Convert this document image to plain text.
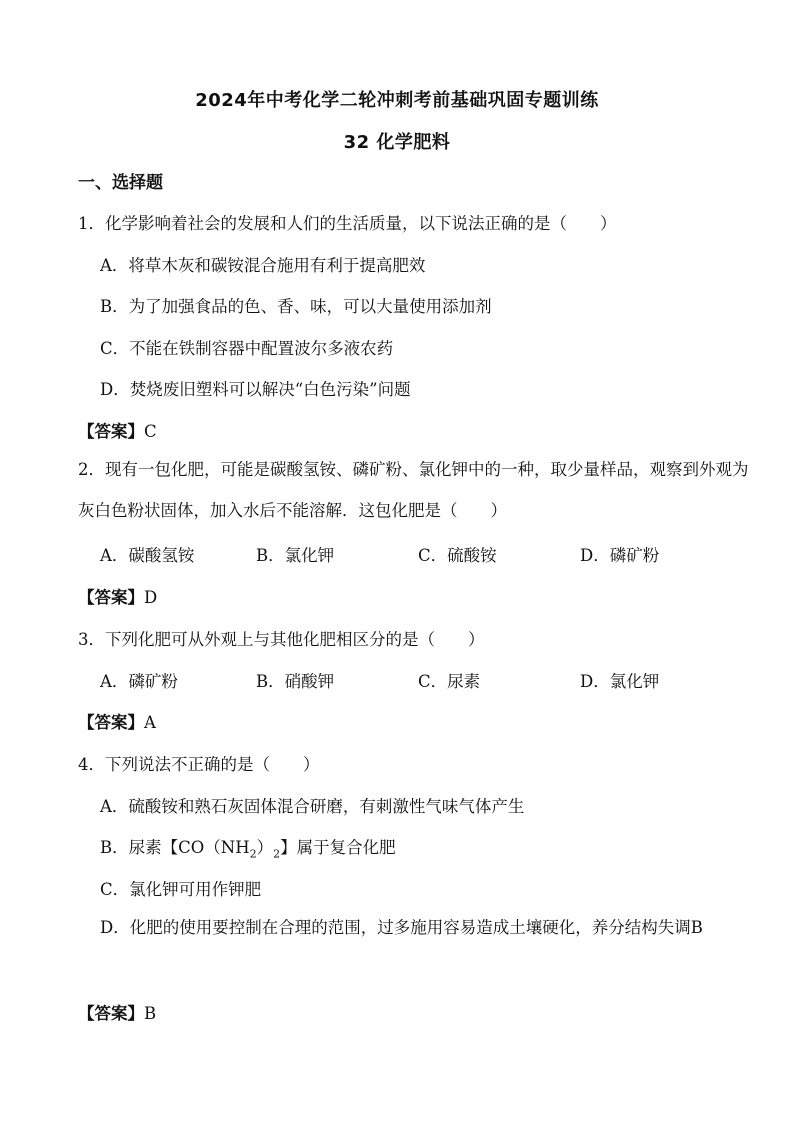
2024年中考化学二轮冲刺考前基础巩固专题训练
32 化学肥料
一、选择题
1．化学影响着社会的发展和人们的生活质量，以下说法正确的是（　　）
A．将草木灰和碳铵混合施用有利于提高肥效
B．为了加强食品的色、香、味，可以大量使用添加剂
C．不能在铁制容器中配置波尔多液农药
D．焚烧废旧塑料可以解决“白色污染”问题
【答案】C
2．现有一包化肥，可能是碳酸氢铵、磷矿粉、氯化钾中的一种，取少量样品，观察到外观为灰白色粉状固体，加入水后不能溶解．这包化肥是（　　）
A．碳酸氢铵	B．氯化钾	C．硫酸铵	D．磷矿粉
【答案】D
3．下列化肥可从外观上与其他化肥相区分的是（　　）
A．磷矿粉	B．硝酸钾	C．尿素	D．氯化钾
【答案】A
4．下列说法不正确的是（　　）
A．硫酸铵和熟石灰固体混合研磨，有刺激性气味气体产生
B．尿素【$CO(NH_2)_2$】属于复合化肥
C．氯化钾可用作钾肥
D．化肥的使用要控制在合理的范围，过多施用容易造成土壤硬化，养分结构失调B
【答案】B
